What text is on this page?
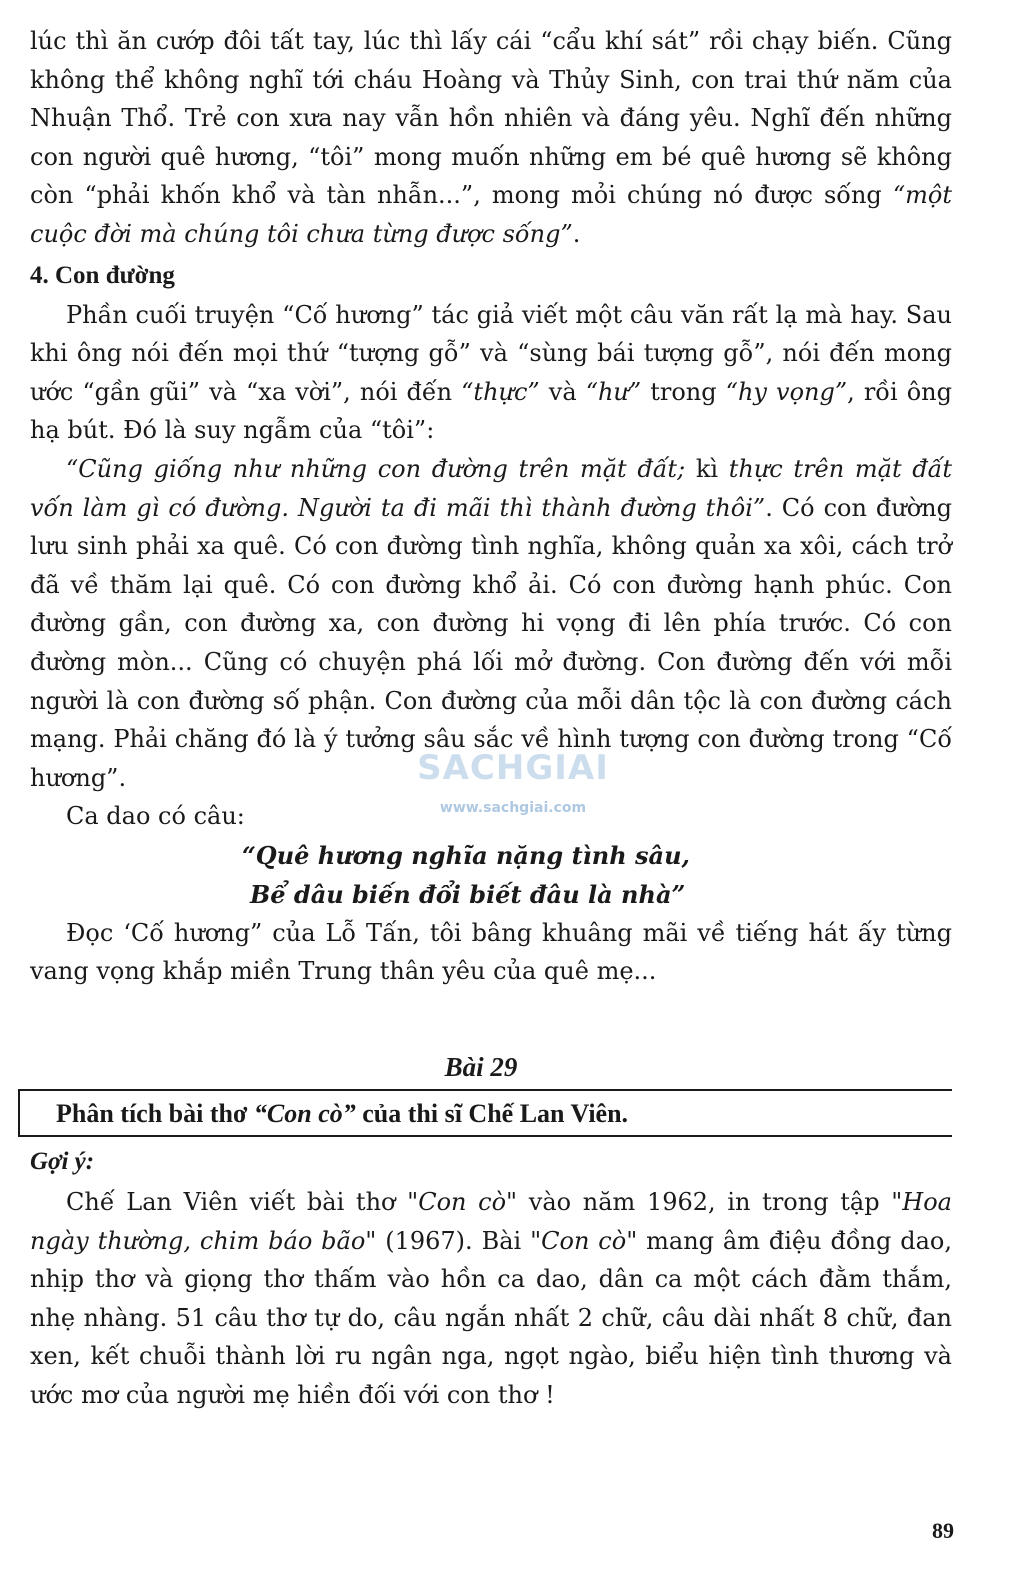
lúc thì ăn cướp đôi tất tay, lúc thì lấy cái “cẩu khí sát” rồi chạy biến. Cũng không thể không nghĩ tới cháu Hoàng và Thủy Sinh, con trai thứ năm của Nhuận Thổ. Trẻ con xưa nay vẫn hồn nhiên và đáng yêu. Nghĩ đến những con người quê hương, “tôi” mong muốn những em bé quê hương sẽ không còn “phải khốn khổ và tàn nhẫn...”, mong mỏi chúng nó được sống “một cuộc đời mà chúng tôi chưa từng được sống”.

4. Con đường

Phần cuối truyện “Cố hương” tác giả viết một câu văn rất lạ mà hay. Sau khi ông nói đến mọi thứ “tượng gỗ” và “sùng bái tượng gỗ”, nói đến mong ước “gần gũi” và “xa vời”, nói đến “thực” và “hư” trong “hy vọng”, rồi ông hạ bút. Đó là suy ngẫm của “tôi”:

“Cũng giống như những con đường trên mặt đất; kì thực trên mặt đất vốn làm gì có đường. Người ta đi mãi thì thành đường thôi”. Có con đường lưu sinh phải xa quê. Có con đường tình nghĩa, không quản xa xôi, cách trở đã về thăm lại quê. Có con đường khổ ải. Có con đường hạnh phúc. Con đường gần, con đường xa, con đường hi vọng đi lên phía trước. Có con đường mòn... Cũng có chuyện phá lối mở đường. Con đường đến với mỗi người là con đường số phận. Con đường của mỗi dân tộc là con đường cách mạng. Phải chăng đó là ý tưởng sâu sắc về hình tượng con đường trong “Cố hương”.

Ca dao có câu:

“Quê hương nghĩa nặng tình sâu,
Bể dâu biến đổi biết đâu là nhà”

Đọc ‘Cố hương” của Lỗ Tấn, tôi bâng khuâng mãi về tiếng hát ấy từng vang vọng khắp miền Trung thân yêu của quê mẹ...

Bài 29
Phân tích bài thơ “Con cò” của thi sĩ Chế Lan Viên.
Gợi ý:

Chế Lan Viên viết bài thơ "Con cò" vào năm 1962, in trong tập "Hoa ngày thường, chim báo bão" (1967). Bài "Con cò" mang âm điệu đồng dao, nhịp thơ và giọng thơ thấm vào hồn ca dao, dân ca một cách đằm thắm, nhẹ nhàng. 51 câu thơ tự do, câu ngắn nhất 2 chữ, câu dài nhất 8 chữ, đan xen, kết chuỗi thành lời ru ngân nga, ngọt ngào, biểu hiện tình thương và ước mơ của người mẹ hiền đối với con thơ !

SACHGIAI
www.sachgiai.com
89
